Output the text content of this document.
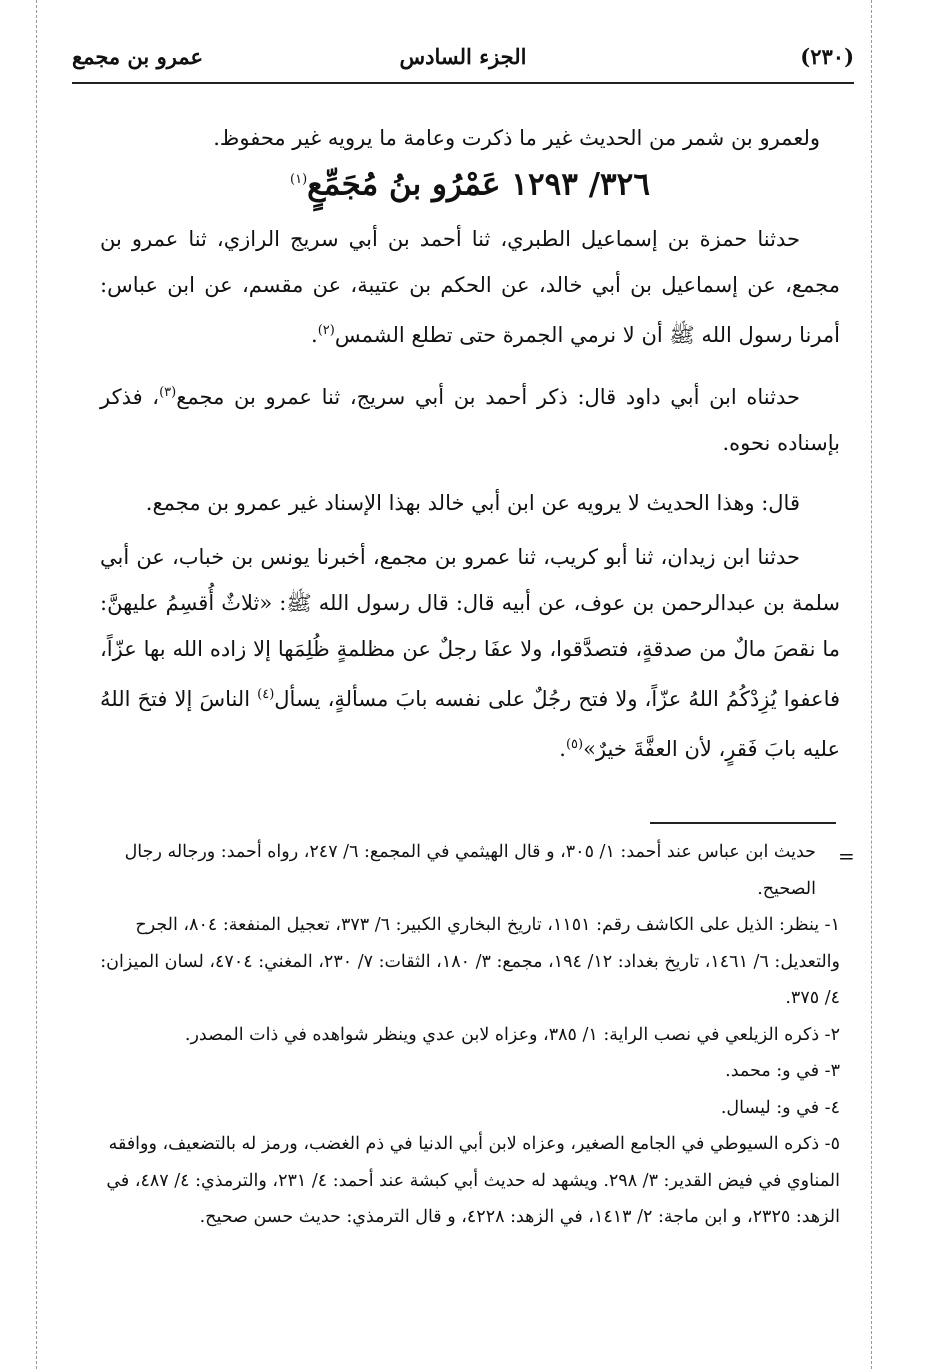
(٢٣٠)
الجزء السادس
عمرو بن مجمع

ولعمرو بن شمر من الحديث غير ما ذكرت وعامة ما يرويه غير محفوظ.

٣٢٦/ ١٢٩٣ عَمْرُو بنُ مُجَمِّعٍ$^{(١)}$

حدثنا حمزة بن إسماعيل الطبري، ثنا أحمد بن أبي سريج الرازي، ثنا عمرو بن مجمع، عن إسماعيل بن أبي خالد، عن الحكم بن عتيبة، عن مقسم، عن ابن عباس: أمرنا رسول الله ﷺ أن لا نرمي الجمرة حتى تطلع الشمس$^{(٢)}$.

حدثناه ابن أبي داود قال: ذكر أحمد بن أبي سريج، ثنا عمرو بن مجمع$^{(٣)}$، فذكر بإسناده نحوه.

قال: وهذا الحديث لا يرويه عن ابن أبي خالد بهذا الإسناد غير عمرو بن مجمع.

حدثنا ابن زيدان، ثنا أبو كريب، ثنا عمرو بن مجمع، أخبرنا يونس بن خباب، عن أبي سلمة بن عبدالرحمن بن عوف، عن أبيه قال: قال رسول الله ﷺ: «ثلاثٌ أُقسِمُ عليهنَّ: ما نقصَ مالٌ من صدقةٍ، فتصدَّقوا، ولا عفَا رجلٌ عن مظلمةٍ ظُلِمَها إلا زاده الله بها عزّاً، فاعفوا يُزِدْكُمُ اللهُ عزّاً، ولا فتح رجُلٌ على نفسه بابَ مسألةٍ، يسأل$^{(٤)}$ الناسَ إلا فتحَ اللهُ عليه بابَ فَقرٍ، لأن العفَّةَ خيرٌ»$^{(٥)}$.

=

حديث ابن عباس عند أحمد: ١/ ٣٠٥، و قال الهيثمي في المجمع: ٦/ ٢٤٧، رواه أحمد: ورجاله رجال الصحيح.

١- ينظر: الذيل على الكاشف رقم: ١١٥١، تاريخ البخاري الكبير: ٦/ ٣٧٣، تعجيل المنفعة: ٨٠٤، الجرح والتعديل: ٦/ ١٤٦١، تاريخ بغداد: ١٢/ ١٩٤، مجمع: ٣/ ١٨٠، الثقات: ٧/ ٢٣٠، المغني: ٤٧٠٤، لسان الميزان: ٤/ ٣٧٥.

٢- ذكره الزيلعي في نصب الراية: ١/ ٣٨٥، وعزاه لابن عدي وينظر شواهده في ذات المصدر.

٣- في و: محمد.

٤- في و: ليسال.

٥- ذكره السيوطي في الجامع الصغير، وعزاه لابن أبي الدنيا في ذم الغضب، ورمز له بالتضعيف، ووافقه المناوي في فيض القدير: ٣/ ٢٩٨. ويشهد له حديث أبي كبشة عند أحمد: ٤/ ٢٣١، والترمذي: ٤/ ٤٨٧، في الزهد: ٢٣٢٥، و ابن ماجة: ٢/ ١٤١٣، في الزهد: ٤٢٢٨، و قال الترمذي: حديث حسن صحيح.
